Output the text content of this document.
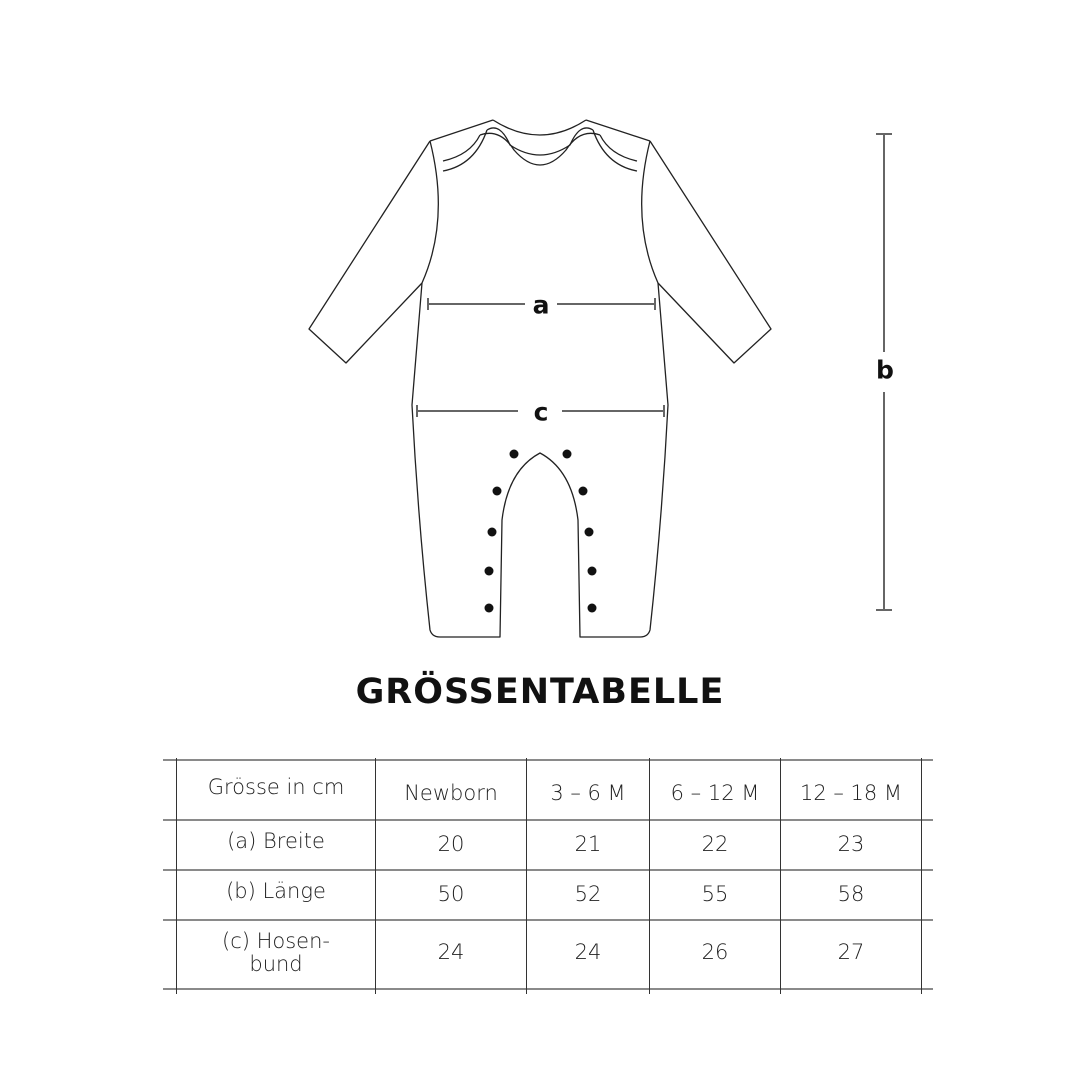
a
c
b
GRÖSSENTABELLE
Grösse in cm	Newborn	3 – 6 M	6 – 12 M	12 – 18 M
(a) Breite	20	21	22	23
(b) Länge	50	52	55	58
(c) Hosen-
bund	24	24	26	27
